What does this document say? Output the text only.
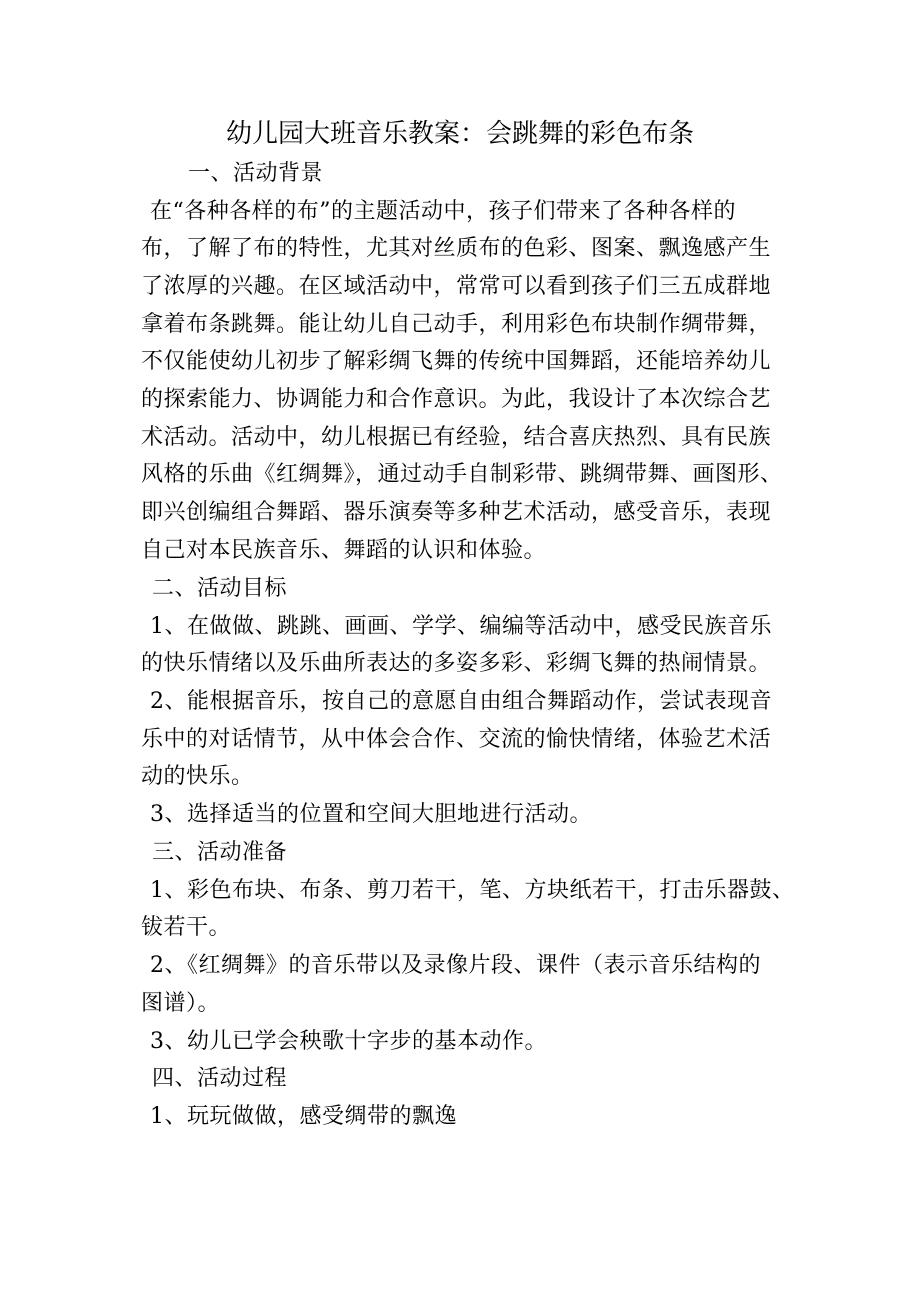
幼儿园大班音乐教案：会跳舞的彩色布条
一、活动背景
在“各种各样的布”的主题活动中，孩子们带来了各种各样的
布，了解了布的特性，尤其对丝质布的色彩、图案、飘逸感产生
了浓厚的兴趣。在区域活动中，常常可以看到孩子们三五成群地
拿着布条跳舞。能让幼儿自己动手，利用彩色布块制作绸带舞，
不仅能使幼儿初步了解彩绸飞舞的传统中国舞蹈，还能培养幼儿
的探索能力、协调能力和合作意识。为此，我设计了本次综合艺
术活动。活动中，幼儿根据已有经验，结合喜庆热烈、具有民族
风格的乐曲《红绸舞》，通过动手自制彩带、跳绸带舞、画图形、
即兴创编组合舞蹈、器乐演奏等多种艺术活动，感受音乐，表现
自己对本民族音乐、舞蹈的认识和体验。
二、活动目标
1、在做做、跳跳、画画、学学、编编等活动中，感受民族音乐
的快乐情绪以及乐曲所表达的多姿多彩、彩绸飞舞的热闹情景。
2、能根据音乐，按自己的意愿自由组合舞蹈动作，尝试表现音
乐中的对话情节，从中体会合作、交流的愉快情绪，体验艺术活
动的快乐。
3、选择适当的位置和空间大胆地进行活动。
三、活动准备
1、彩色布块、布条、剪刀若干，笔、方块纸若干，打击乐器鼓、
钹若干。
2、《红绸舞》的音乐带以及录像片段、课件（表示音乐结构的
图谱）。
3、幼儿已学会秧歌十字步的基本动作。
四、活动过程
1、玩玩做做，感受绸带的飘逸
